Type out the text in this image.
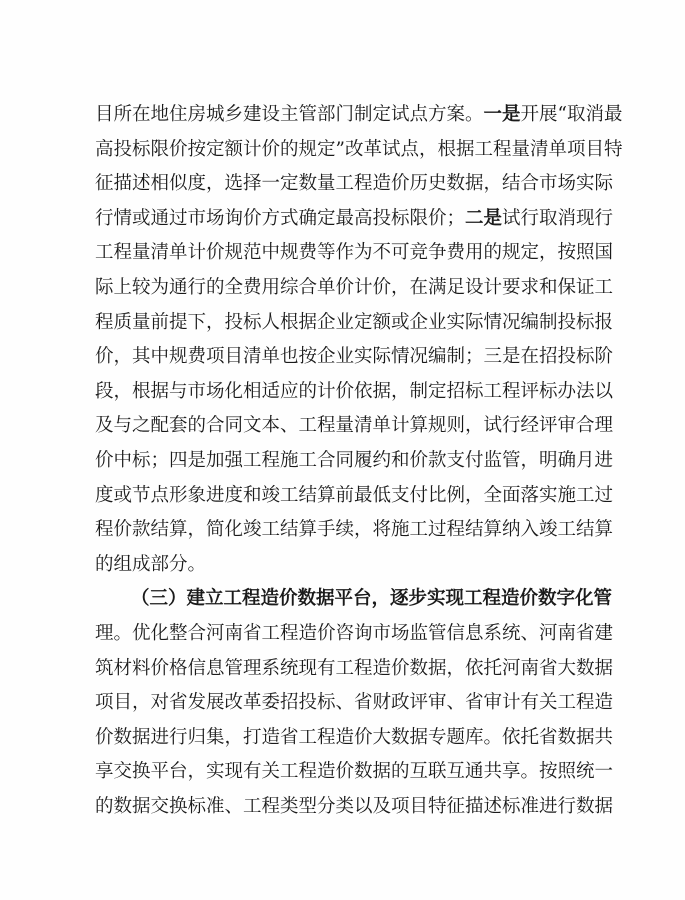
目所在地住房城乡建设主管部门制定试点方案。一是开展“取消最
高投标限价按定额计价的规定”改革试点，根据工程量清单项目特
征描述相似度，选择一定数量工程造价历史数据，结合市场实际
行情或通过市场询价方式确定最高投标限价；二是试行取消现行
工程量清单计价规范中规费等作为不可竞争费用的规定，按照国
际上较为通行的全费用综合单价计价，在满足设计要求和保证工
程质量前提下，投标人根据企业定额或企业实际情况编制投标报
价，其中规费项目清单也按企业实际情况编制；三是在招投标阶
段，根据与市场化相适应的计价依据，制定招标工程评标办法以
及与之配套的合同文本、工程量清单计算规则，试行经评审合理
价中标；四是加强工程施工合同履约和价款支付监管，明确月进
度或节点形象进度和竣工结算前最低支付比例，全面落实施工过
程价款结算，简化竣工结算手续，将施工过程结算纳入竣工结算
的组成部分。
（三）建立工程造价数据平台，逐步实现工程造价数字化管
理。优化整合河南省工程造价咨询市场监管信息系统、河南省建
筑材料价格信息管理系统现有工程造价数据，依托河南省大数据
项目，对省发展改革委招投标、省财政评审、省审计有关工程造
价数据进行归集，打造省工程造价大数据专题库。依托省数据共
享交换平台，实现有关工程造价数据的互联互通共享。按照统一
的数据交换标准、工程类型分类以及项目特征描述标准进行数据
